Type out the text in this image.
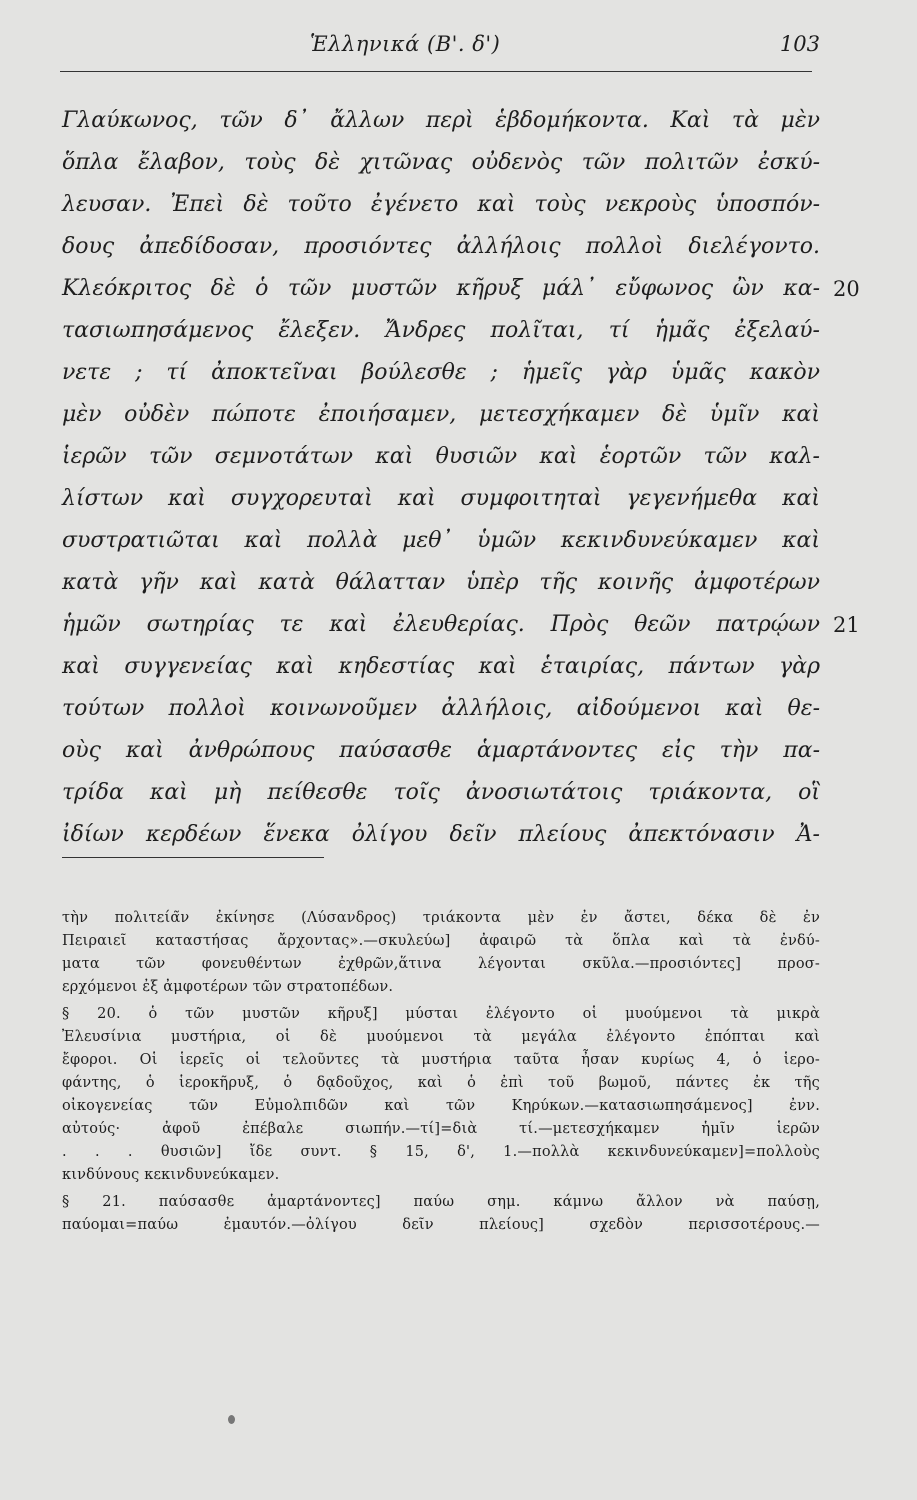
Ἑλληνικά (Β'. δ')	103
Γλαύκωνος, τῶν δ᾽ ἄλλων περὶ ἑβδομήκοντα. Καὶ τὰ μὲν
ὅπλα ἔλαβον, τοὺς δὲ χιτῶνας οὐδενὸς τῶν πολιτῶν ἐσκύ-
λευσαν. Ἐπεὶ δὲ τοῦτο ἐγένετο καὶ τοὺς νεκροὺς ὑποσπόν-
δους ἀπεδίδοσαν, προσιόντες ἀλλήλοις πολλοὶ διελέγοντο.
Κλεόκριτος δὲ ὁ τῶν μυστῶν κῆρυξ μάλ᾽ εὔφωνος ὢν κα-
τασιωπησάμενος ἔλεξεν. Ἄνδρες πολῖται, τί ἡμᾶς ἐξελαύ-
νετε ; τί ἀποκτεῖναι βούλεσθε ; ἡμεῖς γὰρ ὑμᾶς κακὸν
μὲν οὐδὲν πώποτε ἐποιήσαμεν, μετεσχήκαμεν δὲ ὑμῖν καὶ
ἱερῶν τῶν σεμνοτάτων καὶ θυσιῶν καὶ ἑορτῶν τῶν καλ-
λίστων καὶ συγχορευταὶ καὶ συμφοιτηταὶ γεγενήμεθα καὶ
συστρατιῶται καὶ πολλὰ μεθ᾽ ὑμῶν κεκινδυνεύκαμεν καὶ
κατὰ γῆν καὶ κατὰ θάλατταν ὑπὲρ τῆς κοινῆς ἀμφοτέρων
ἡμῶν σωτηρίας τε καὶ ἐλευθερίας. Πρὸς θεῶν πατρῴων
καὶ συγγενείας καὶ κηδεστίας καὶ ἑταιρίας, πάντων γὰρ
τούτων πολλοὶ κοινωνοῦμεν ἀλλήλοις, αἰδούμενοι καὶ θε-
οὺς καὶ ἀνθρώπους παύσασθε ἁμαρτάνοντες εἰς τὴν πα-
τρίδα καὶ μὴ πείθεσθε τοῖς ἀνοσιωτάτοις τριάκοντα, οἳ
ἰδίων κερδέων ἕνεκα ὀλίγου δεῖν πλείους ἀπεκτόνασιν Ἀ-
20
21
τὴν πολιτεία̃ν ἐκίνησε (Λύσανδρος) τριάκοντα μὲν ἐν ἄστει, δέκα δὲ ἐν
Πειραιεῖ καταστήσας ἄρχοντας».—σκυλεύω] ἀφαιρῶ τὰ ὅπλα καὶ τὰ ἐνδύ-
ματα τῶν φονευθέντων ἐχθρῶν,ἅτινα λέγονται σκῦλα.—προσιόντες] προσ-
ερχόμενοι ἐξ ἀμφοτέρων τῶν στρατοπέδων.
§ 20. ὁ τῶν μυστῶν κῆρυξ] μύσται ἐλέγοντο οἱ μυούμενοι τὰ μικρὰ
Ἐλευσίνια μυστήρια, οἱ δὲ μυούμενοι τὰ μεγάλα ἐλέγοντο ἐπόπται καὶ
ἔφοροι. Οἱ ἱερεῖς οἱ τελοῦντες τὰ μυστήρια ταῦτα ἦσαν κυρίως 4, ὁ ἱερο-
φάντης, ὁ ἱεροκῆρυξ, ὁ δᾳδοῦχος, καὶ ὁ ἐπὶ τοῦ βωμοῦ, πάντες ἐκ τῆς
οἰκογενείας τῶν Εὐμολπιδῶν καὶ τῶν Κηρύκων.—κατασιωπησάμενος] ἐνν.
αὐτούς· ἀφοῦ ἐπέβαλε σιωπήν.—τί]=διὰ τί.—μετεσχήκαμεν ἡμῖν ἱερῶν
. . . θυσιῶν] ἴδε συντ. § 15, δ', 1.—πολλὰ κεκινδυνεύκαμεν]=πολλοὺς
κινδύνους κεκινδυνεύκαμεν.
§ 21. παύσασθε ἁμαρτάνοντες] παύω σημ. κάμνω ἄλλον νὰ παύσῃ,
παύομαι=παύω ἐμαυτόν.—ὀλίγου δεῖν πλείους] σχεδὸν περισσοτέρους.—
